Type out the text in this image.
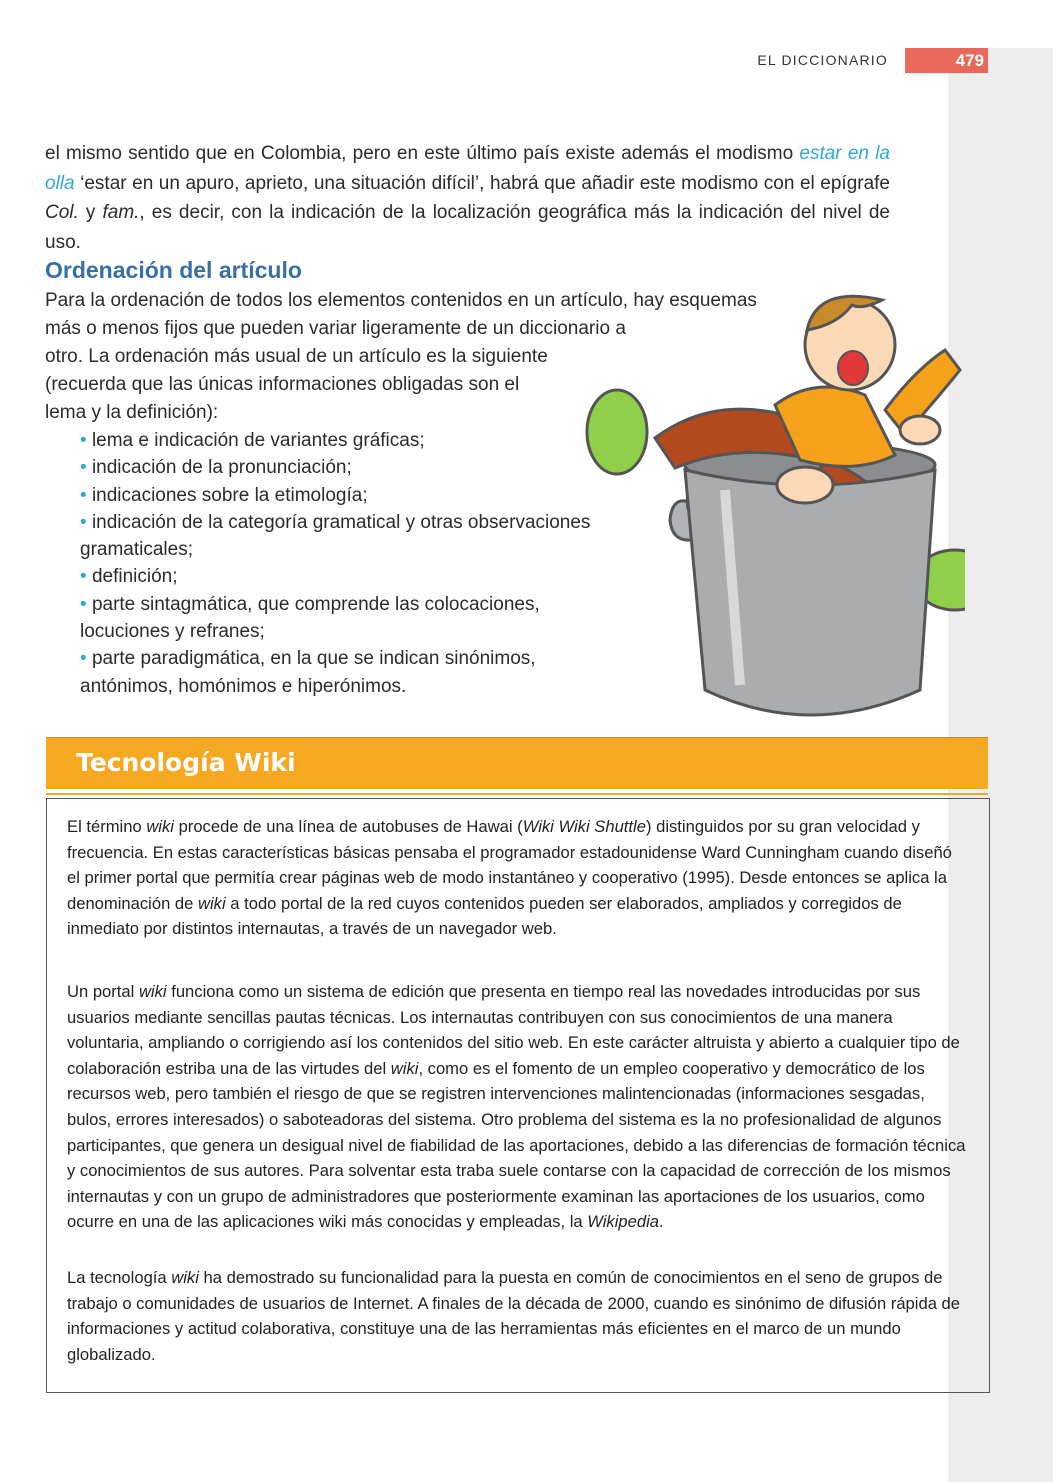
EL DICCIONARIO	479

el mismo sentido que en Colombia, pero en este último país existe además el modismo estar en la olla ‘estar en un apuro, aprieto, una situación difícil’, habrá que añadir este modismo con el epígrafe Col. y fam., es decir, con la indicación de la localización geográfica más la indicación del nivel de uso.

Ordenación del artículo
Para la ordenación de todos los elementos contenidos en un artículo, hay esquemas
más o menos fijos que pueden variar ligeramente de un diccionario a
otro. La ordenación más usual de un artículo es la siguiente
(recuerda que las únicas informaciones obligadas son el
lema y la definición):
• lema e indicación de variantes gráficas;
• indicación de la pronunciación;
• indicaciones sobre la etimología;
• indicación de la categoría gramatical y otras observaciones gramaticales;
• definición;
• parte sintagmática, que comprende las colocaciones, locuciones y refranes;
• parte paradigmática, en la que se indican sinónimos, antónimos, homónimos e hiperónimos.
Tecnología Wiki

El término wiki procede de una línea de autobuses de Hawai (Wiki Wiki Shuttle) distinguidos por su gran velocidad y frecuencia. En estas características básicas pensaba el programador estadounidense Ward Cunningham cuando diseñó el primer portal que permitía crear páginas web de modo instantáneo y cooperativo (1995). Desde entonces se aplica la denominación de wiki a todo portal de la red cuyos contenidos pueden ser elaborados, ampliados y corregidos de inmediato por distintos internautas, a través de un navegador web.

Un portal wiki funciona como un sistema de edición que presenta en tiempo real las novedades introducidas por sus usuarios mediante sencillas pautas técnicas. Los internautas contribuyen con sus conocimientos de una manera voluntaria, ampliando o corrigiendo así los contenidos del sitio web. En este carácter altruista y abierto a cualquier tipo de colaboración estriba una de las virtudes del wiki, como es el fomento de un empleo cooperativo y democrático de los recursos web, pero también el riesgo de que se registren intervenciones malintencionadas (informaciones sesgadas, bulos, errores interesados) o saboteadoras del sistema. Otro problema del sistema es la no profesionalidad de algunos participantes, que genera un desigual nivel de fiabilidad de las aportaciones, debido a las diferencias de formación técnica y conocimientos de sus autores. Para solventar esta traba suele contarse con la capacidad de corrección de los mismos internautas y con un grupo de administradores que posteriormente examinan las aportaciones de los usuarios, como ocurre en una de las aplicaciones wiki más conocidas y empleadas, la Wikipedia.

La tecnología wiki ha demostrado su funcionalidad para la puesta en común de conocimientos en el seno de grupos de trabajo o comunidades de usuarios de Internet. A finales de la década de 2000, cuando es sinónimo de difusión rápida de informaciones y actitud colaborativa, constituye una de las herramientas más eficientes en el marco de un mundo globalizado.
